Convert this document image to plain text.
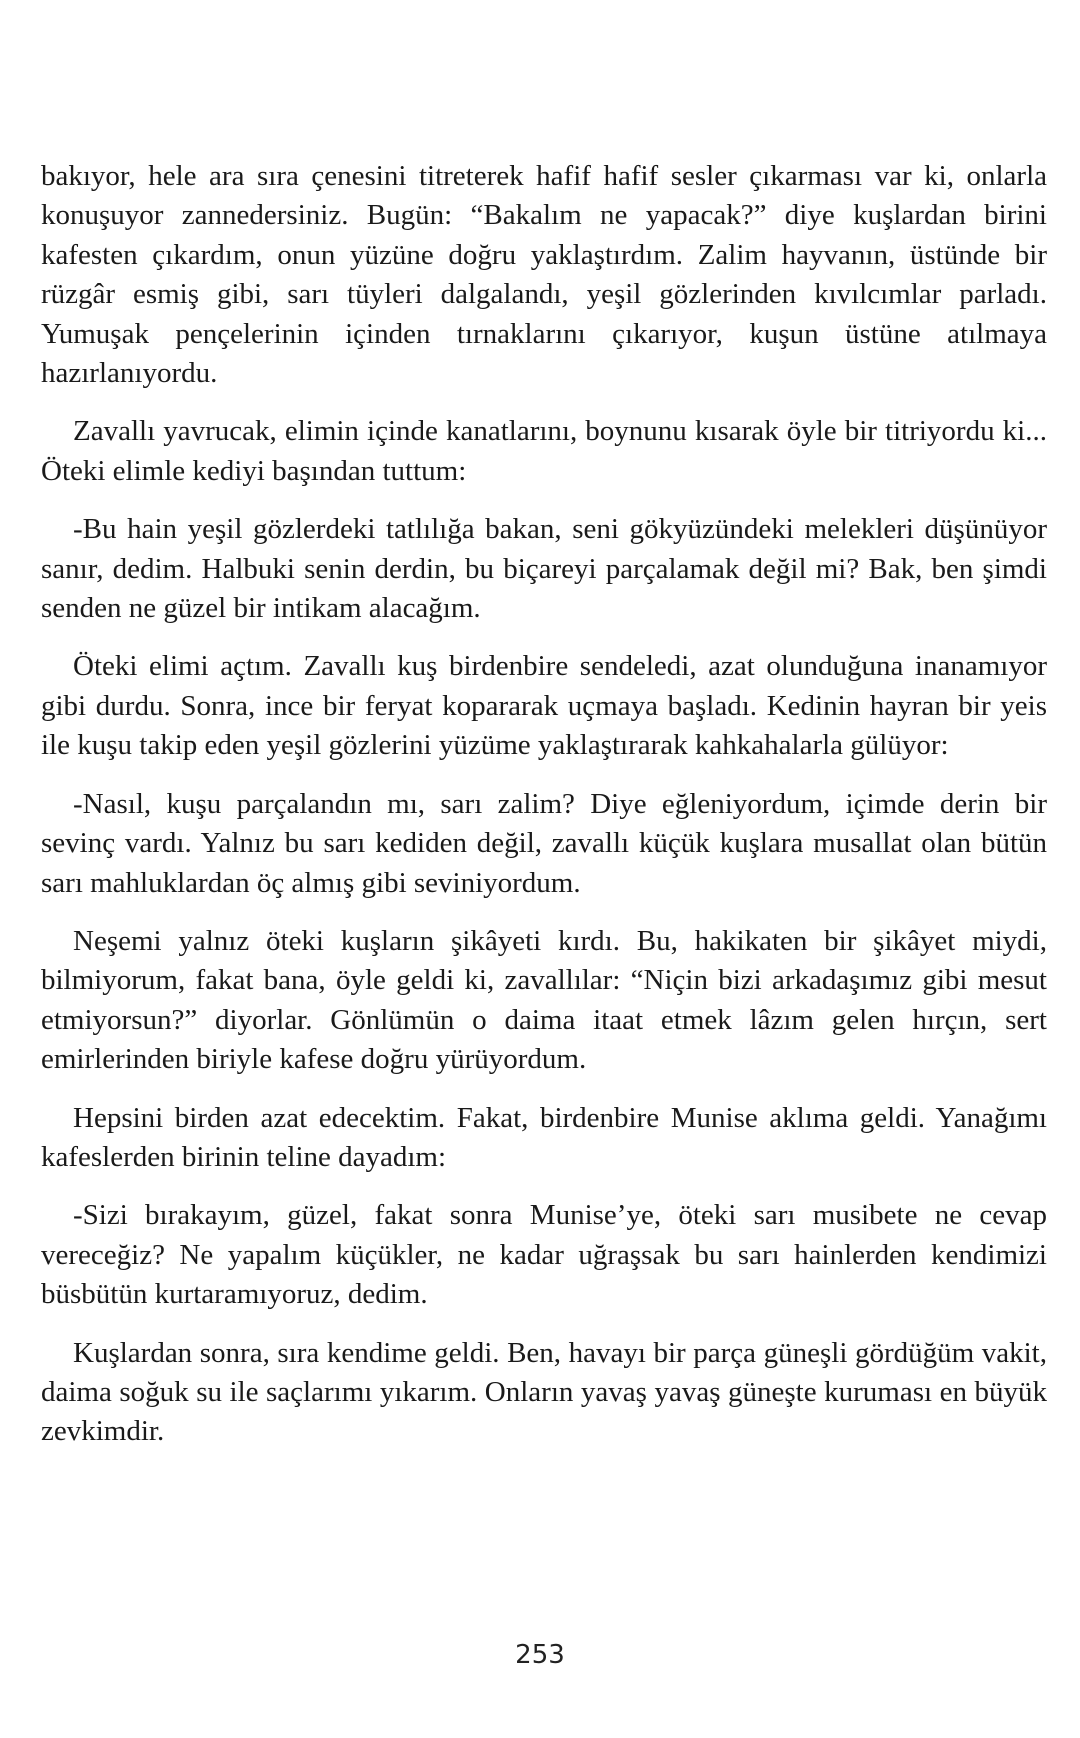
bakıyor, hele ara sıra çenesini titreterek hafif hafif sesler çıkarması var ki, onlarla konuşuyor zannedersiniz. Bugün: “Bakalım ne yapacak?” diye kuşlardan birini kafesten çıkardım, onun yüzüne doğru yaklaştırdım. Zalim hayvanın, üstünde bir rüzgâr esmiş gibi, sarı tüyleri dalgalandı, yeşil gözlerinden kıvılcımlar parladı. Yumuşak pençelerinin içinden tırnaklarını çıkarıyor, kuşun üstüne atılmaya hazırlanıyordu.

Zavallı yavrucak, elimin içinde kanatlarını, boynunu kısarak öyle bir titriyordu ki... Öteki elimle kediyi başından tuttum:

-Bu hain yeşil gözlerdeki tatlılığa bakan, seni gökyüzündeki melekleri düşünüyor sanır, dedim. Halbuki senin derdin, bu biçareyi parçalamak değil mi? Bak, ben şimdi senden ne güzel bir intikam alacağım.

Öteki elimi açtım. Zavallı kuş birdenbire sendeledi, azat olunduğuna inanamıyor gibi durdu. Sonra, ince bir feryat kopararak uçmaya başladı. Kedinin hayran bir yeis ile kuşu takip eden yeşil gözlerini yüzüme yaklaştırarak kahkahalarla gülüyor:

-Nasıl, kuşu parçalandın mı, sarı zalim? Diye eğleniyordum, içimde derin bir sevinç vardı. Yalnız bu sarı kediden değil, zavallı küçük kuşlara musallat olan bütün sarı mahluklardan öç almış gibi seviniyordum.

Neşemi yalnız öteki kuşların şikâyeti kırdı. Bu, hakikaten bir şikâyet miydi, bilmiyorum, fakat bana, öyle geldi ki, zavallılar: “Niçin bizi arkadaşımız gibi mesut etmiyorsun?” diyorlar. Gönlümün o daima itaat etmek lâzım gelen hırçın, sert emirlerinden biriyle kafese doğru yürüyordum.

Hepsini birden azat edecektim. Fakat, birdenbire Munise aklıma geldi. Yanağımı kafeslerden birinin teline dayadım:

-Sizi bırakayım, güzel, fakat sonra Munise’ye, öteki sarı musibete ne cevap vereceğiz? Ne yapalım küçükler, ne kadar uğraşsak bu sarı hainlerden kendimizi büsbütün kurtaramıyoruz, dedim.

Kuşlardan sonra, sıra kendime geldi. Ben, havayı bir parça güneşli gördüğüm vakit, daima soğuk su ile saçlarımı yıkarım. Onların yavaş yavaş güneşte kuruması en büyük zevkimdir.

253
